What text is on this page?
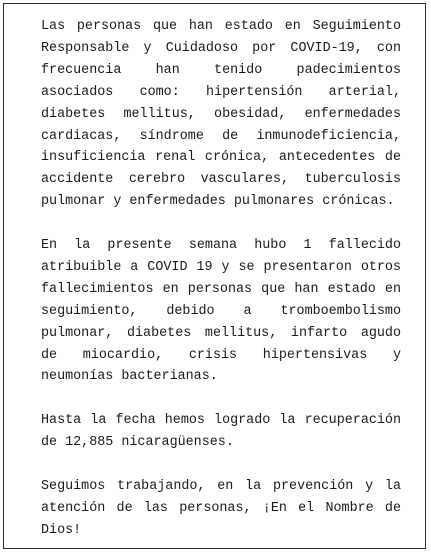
Las personas que han estado en Seguimiento Responsable y Cuidadoso por COVID-19, con frecuencia han tenido padecimientos asociados como: hipertensión arterial, diabetes mellitus, obesidad, enfermedades cardiacas, síndrome de inmunodeficiencia, insuficiencia renal crónica, antecedentes de accidente cerebro vasculares, tuberculosis pulmonar y enfermedades pulmonares crónicas.

En la presente semana hubo 1 fallecido atribuible a COVID 19 y se presentaron otros fallecimientos en personas que han estado en seguimiento, debido a tromboembolismo pulmonar, diabetes mellitus, infarto agudo de miocardio, crisis hipertensivas y neumonías bacterianas.

Hasta la fecha hemos logrado la recuperación de 12,885 nicaragüenses.

Seguimos trabajando, en la prevención y la atención de las personas, ¡En el Nombre de Dios!
